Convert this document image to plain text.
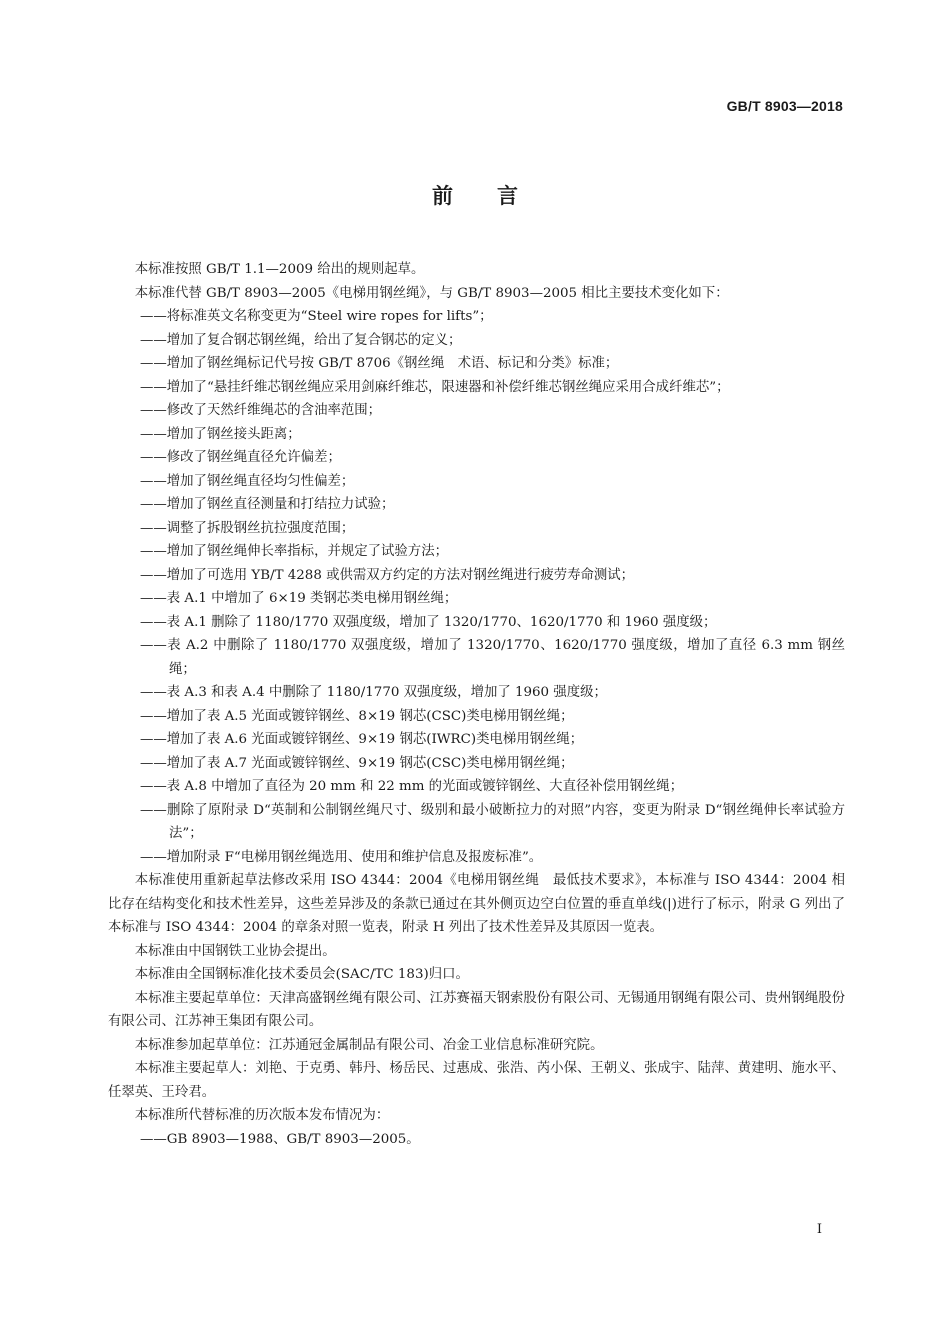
GB/T 8903—2018
前言

本标准按照 GB/T 1.1—2009 给出的规则起草。

本标准代替 GB/T 8903—2005《电梯用钢丝绳》，与 GB/T 8903—2005 相比主要技术变化如下：

——将标准英文名称变更为“Steel wire ropes for lifts”；

——增加了复合钢芯钢丝绳，给出了复合钢芯的定义；

——增加了钢丝绳标记代号按 GB/T 8706《钢丝绳　术语、标记和分类》标准；

——增加了“悬挂纤维芯钢丝绳应采用剑麻纤维芯，限速器和补偿纤维芯钢丝绳应采用合成纤维芯”；

——修改了天然纤维绳芯的含油率范围；

——增加了钢丝接头距离；

——修改了钢丝绳直径允许偏差；

——增加了钢丝绳直径均匀性偏差；

——增加了钢丝直径测量和打结拉力试验；

——调整了拆股钢丝抗拉强度范围；

——增加了钢丝绳伸长率指标，并规定了试验方法；

——增加了可选用 YB/T 4288 或供需双方约定的方法对钢丝绳进行疲劳寿命测试；

——表 A.1 中增加了 6×19 类钢芯类电梯用钢丝绳；

——表 A.1 删除了 1180/1770 双强度级，增加了 1320/1770、1620/1770 和 1960 强度级；

——表 A.2 中删除了 1180/1770 双强度级，增加了 1320/1770、1620/1770 强度级，增加了直径 6.3 mm 钢丝绳；

——表 A.3 和表 A.4 中删除了 1180/1770 双强度级，增加了 1960 强度级；

——增加了表 A.5 光面或镀锌钢丝、8×19 钢芯(CSC)类电梯用钢丝绳；

——增加了表 A.6 光面或镀锌钢丝、9×19 钢芯(IWRC)类电梯用钢丝绳；

——增加了表 A.7 光面或镀锌钢丝、9×19 钢芯(CSC)类电梯用钢丝绳；

——表 A.8 中增加了直径为 20 mm 和 22 mm 的光面或镀锌钢丝、大直径补偿用钢丝绳；

——删除了原附录 D“英制和公制钢丝绳尺寸、级别和最小破断拉力的对照”内容，变更为附录 D“钢丝绳伸长率试验方法”；

——增加附录 F“电梯用钢丝绳选用、使用和维护信息及报废标准”。

本标准使用重新起草法修改采用 ISO 4344：2004《电梯用钢丝绳　最低技术要求》，本标准与 ISO 4344：2004 相比存在结构变化和技术性差异，这些差异涉及的条款已通过在其外侧页边空白位置的垂直单线(|)进行了标示，附录 G 列出了本标准与 ISO 4344：2004 的章条对照一览表，附录 H 列出了技术性差异及其原因一览表。

本标准由中国钢铁工业协会提出。

本标准由全国钢标准化技术委员会(SAC/TC 183)归口。

本标准主要起草单位：天津高盛钢丝绳有限公司、江苏赛福天钢索股份有限公司、无锡通用钢绳有限公司、贵州钢绳股份有限公司、江苏神王集团有限公司。

本标准参加起草单位：江苏通冠金属制品有限公司、冶金工业信息标准研究院。

本标准主要起草人：刘艳、于克勇、韩丹、杨岳民、过惠成、张浩、芮小保、王朝义、张成宇、陆萍、黄建明、施水平、任翠英、王玲君。

本标准所代替标准的历次版本发布情况为：

——GB 8903—1988、GB/T 8903—2005。

I
